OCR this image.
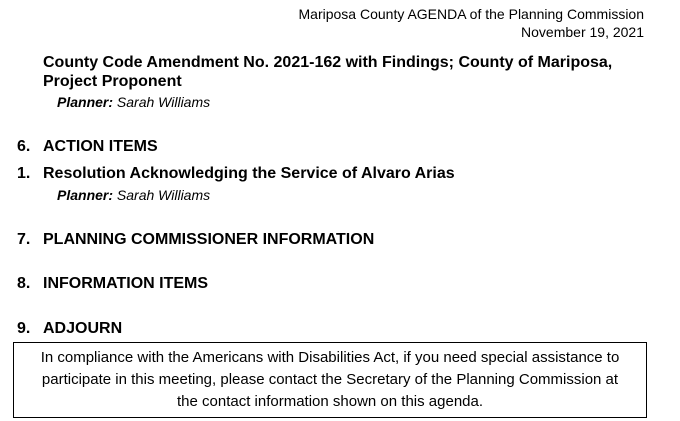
Mariposa County AGENDA of the Planning Commission
November 19, 2021
County Code Amendment No. 2021-162 with Findings; County of Mariposa,
Project Proponent
Planner: Sarah Williams
6. ACTION ITEMS
1. Resolution Acknowledging the Service of Alvaro Arias
Planner: Sarah Williams
7. PLANNING COMMISSIONER INFORMATION
8. INFORMATION ITEMS
9. ADJOURN
In compliance with the Americans with Disabilities Act, if you need special assistance to
participate in this meeting, please contact the Secretary of the Planning Commission at
the contact information shown on this agenda.
